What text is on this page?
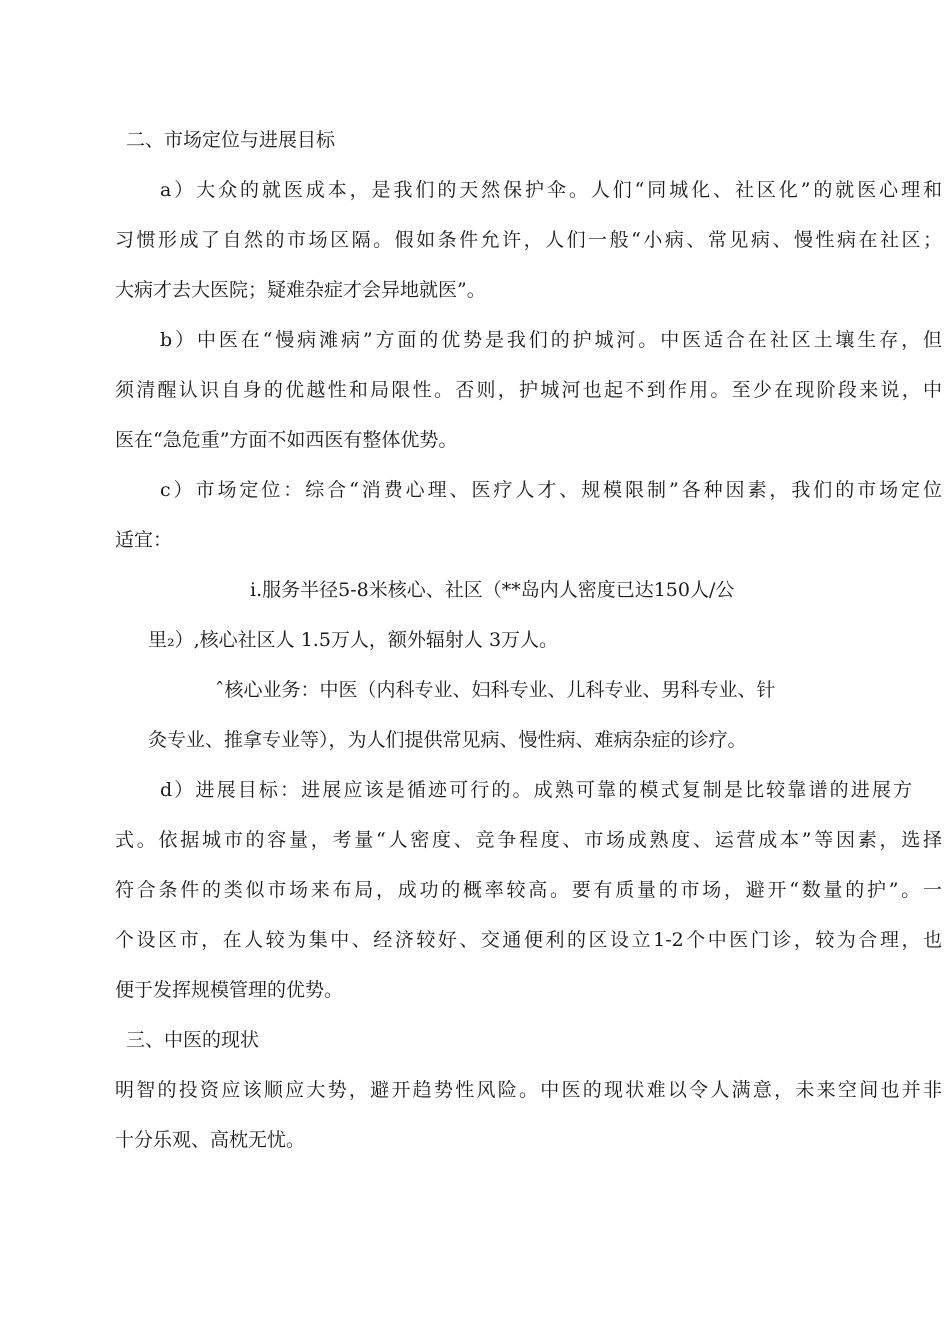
二、市场定位与进展目标
a）大众的就医成本，是我们的天然保护伞。人们“同城化、社区化”的就医心理和
习惯形成了自然的市场区隔。假如条件允许，人们一般“小病、常见病、慢性病在社区；
大病才去大医院；疑难杂症才会异地就医”。
b）中医在“慢病滩病”方面的优势是我们的护城河。中医适合在社区土壤生存，但
须清醒认识自身的优越性和局限性。否则，护城河也起不到作用。至少在现阶段来说，中
医在“急危重”方面不如西医有整体优势。
c）市场定位：综合“消费心理、医疗人才、规模限制”各种因素，我们的市场定位
适宜：
i.服务半径5-8米核心、社区（**岛内人密度已达150人/公
里₂）,核心社区人 1.5万人，额外辐射人 3万人。
ˆ核心业务：中医（内科专业、妇科专业、儿科专业、男科专业、针
灸专业、推拿专业等），为人们提供常见病、慢性病、难病杂症的诊疗。
d）进展目标：进展应该是循迹可行的。成熟可靠的模式复制是比较靠谱的进展方
式。依据城市的容量，考量“人密度、竞争程度、市场成熟度、运营成本”等因素，选择
符合条件的类似市场来布局，成功的概率较高。要有质量的市场，避开“数量的护”。一
个设区市，在人较为集中、经济较好、交通便利的区设立1-2个中医门诊，较为合理，也
便于发挥规模管理的优势。
三、中医的现状
明智的投资应该顺应大势，避开趋势性风险。中医的现状难以令人满意，未来空间也并非
十分乐观、高枕无忧。
